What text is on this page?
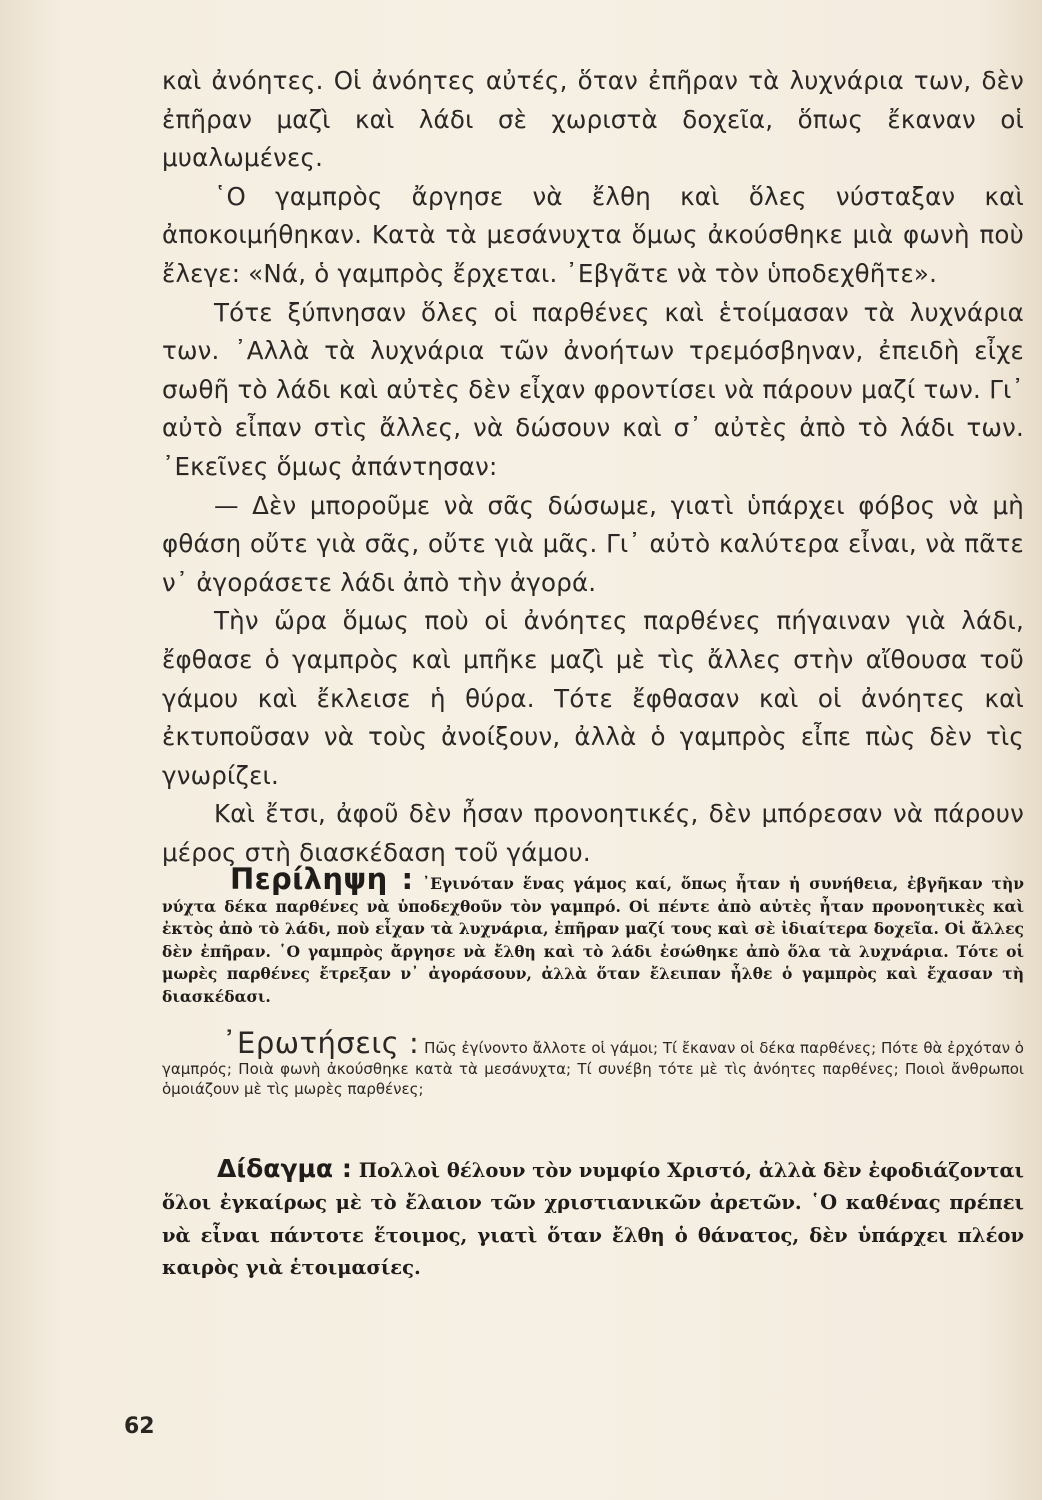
καὶ ἀνόητες. Οἱ ἀνόητες αὐτές, ὅταν ἐπῆραν τὰ λυχνάρια των, δὲν ἐπῆραν μαζὶ καὶ λάδι σὲ χωριστὰ δοχεῖα, ὅπως ἔκαναν οἱ μυαλωμένες.

῾Ο γαμπρὸς ἄργησε νὰ ἔλθη καὶ ὅλες νύσταξαν καὶ ἀποκοιμήθηκαν. Κατὰ τὰ μεσάνυχτα ὅμως ἀκούσθηκε μιὰ φωνὴ ποὺ ἔλεγε: «Νά, ὁ γαμπρὸς ἔρχεται. ᾿Εβγᾶτε νὰ τὸν ὑποδεχθῆτε».

Τότε ξύπνησαν ὅλες οἱ παρθένες καὶ ἑτοίμασαν τὰ λυχνάρια των. ᾿Αλλὰ τὰ λυχνάρια τῶν ἀνοήτων τρεμόσβηναν, ἐπειδὴ εἶχε σωθῆ τὸ λάδι καὶ αὐτὲς δὲν εἶχαν φροντίσει νὰ πάρουν μαζί των. Γι᾿ αὐτὸ εἶπαν στὶς ἄλλες, νὰ δώσουν καὶ σ᾿ αὐτὲς ἀπὸ τὸ λάδι των. ᾿Εκεῖνες ὅμως ἀπάντησαν:

— Δὲν μποροῦμε νὰ σᾶς δώσωμε, γιατὶ ὑπάρχει φόβος νὰ μὴ φθάση οὔτε γιὰ σᾶς, οὔτε γιὰ μᾶς. Γι᾿ αὐτὸ καλύτερα εἶναι, νὰ πᾶτε ν᾿ ἀγοράσετε λάδι ἀπὸ τὴν ἀγορά.

Τὴν ὥρα ὅμως ποὺ οἱ ἀνόητες παρθένες πήγαιναν γιὰ λάδι, ἔφθασε ὁ γαμπρὸς καὶ μπῆκε μαζὶ μὲ τὶς ἄλλες στὴν αἴθουσα τοῦ γάμου καὶ ἔκλεισε ἡ θύρα. Τότε ἔφθασαν καὶ οἱ ἀνόητες καὶ ἐκτυποῦσαν νὰ τοὺς ἀνοίξουν, ἀλλὰ ὁ γαμπρὸς εἶπε πὼς δὲν τὶς γνωρίζει.

Καὶ ἔτσι, ἀφοῦ δὲν ἦσαν προνοητικές, δὲν μπόρεσαν νὰ πάρουν μέρος στὴ διασκέδαση τοῦ γάμου.

Περίληψη : ᾿Εγινόταν ἕνας γάμος καί, ὅπως ἦταν ἡ συνήθεια, ἐβγῆκαν τὴν νύχτα δέκα παρθένες νὰ ὑποδεχθοῦν τὸν γαμπρό. Οἱ πέντε ἀπὸ αὐτὲς ἦταν προνοητικὲς καὶ ἐκτὸς ἀπὸ τὸ λάδι, ποὺ εἶχαν τὰ λυχνάρια, ἐπῆραν μαζί τους καὶ σὲ ἰδιαίτερα δοχεῖα. Οἱ ἄλλες δὲν ἐπῆραν. ῾Ο γαμπρὸς ἄργησε νὰ ἔλθη καὶ τὸ λάδι ἐσώθηκε ἀπὸ ὅλα τὰ λυχνάρια. Τότε οἱ μωρὲς παρθένες ἔτρεξαν ν᾿ ἀγοράσουν, ἀλλὰ ὅταν ἔλειπαν ἦλθε ὁ γαμπρὸς καὶ ἔχασαν τὴ διασκέδασι.
᾿Ερωτήσεις : Πῶς ἐγίνοντο ἄλλοτε οἱ γάμοι; Τί ἔκαναν οἱ δέκα παρθένες; Πότε θὰ ἐρχόταν ὁ γαμπρός; Ποιὰ φωνὴ ἀκούσθηκε κατὰ τὰ μεσάνυχτα; Τί συνέβη τότε μὲ τὶς ἀνόητες παρθένες; Ποιοὶ ἄνθρωποι ὁμοιάζουν μὲ τὶς μωρὲς παρθένες;
Δίδαγμα : Πολλοὶ θέλουν τὸν νυμφίο Χριστό, ἀλλὰ δὲν ἐφοδιάζονται ὅλοι ἐγκαίρως μὲ τὸ ἔλαιον τῶν χριστιανικῶν ἀρετῶν. ῾Ο καθένας πρέπει νὰ εἶναι πάντοτε ἕτοιμος, γιατὶ ὅταν ἔλθη ὁ θάνατος, δὲν ὑπάρχει πλέον καιρὸς γιὰ ἑτοιμασίες.
62
